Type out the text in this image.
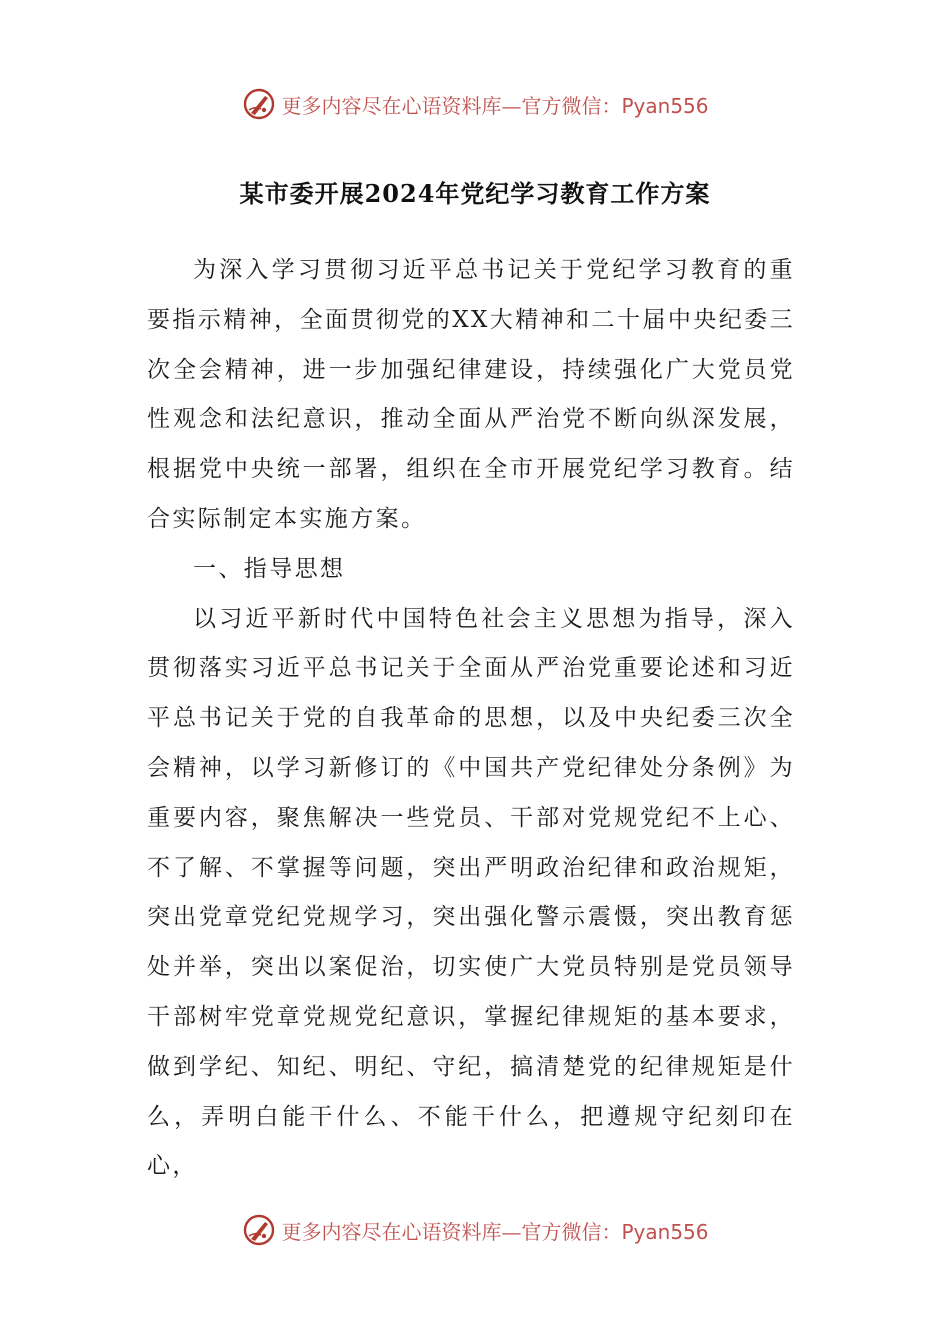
更多内容尽在心语资料库—官方微信：Pyan556
某市委开展2024年党纪学习教育工作方案

为深入学习贯彻习近平总书记关于党纪学习教育的重要指示精神，全面贯彻党的XX大精神和二十届中央纪委三次全会精神，进一步加强纪律建设，持续强化广大党员党性观念和法纪意识，推动全面从严治党不断向纵深发展，根据党中央统一部署，组织在全市开展党纪学习教育。结合实际制定本实施方案。

一、指导思想

以习近平新时代中国特色社会主义思想为指导，深入贯彻落实习近平总书记关于全面从严治党重要论述和习近平总书记关于党的自我革命的思想，以及中央纪委三次全会精神，以学习新修订的《中国共产党纪律处分条例》为重要内容，聚焦解决一些党员、干部对党规党纪不上心、不了解、不掌握等问题，突出严明政治纪律和政治规矩，突出党章党纪党规学习，突出强化警示震慑，突出教育惩处并举，突出以案促治，切实使广大党员特别是党员领导干部树牢党章党规党纪意识，掌握纪律规矩的基本要求，做到学纪、知纪、明纪、守纪，搞清楚党的纪律规矩是什么，弄明白能干什么、不能干什么，把遵规守纪刻印在心，

更多内容尽在心语资料库—官方微信：Pyan556
